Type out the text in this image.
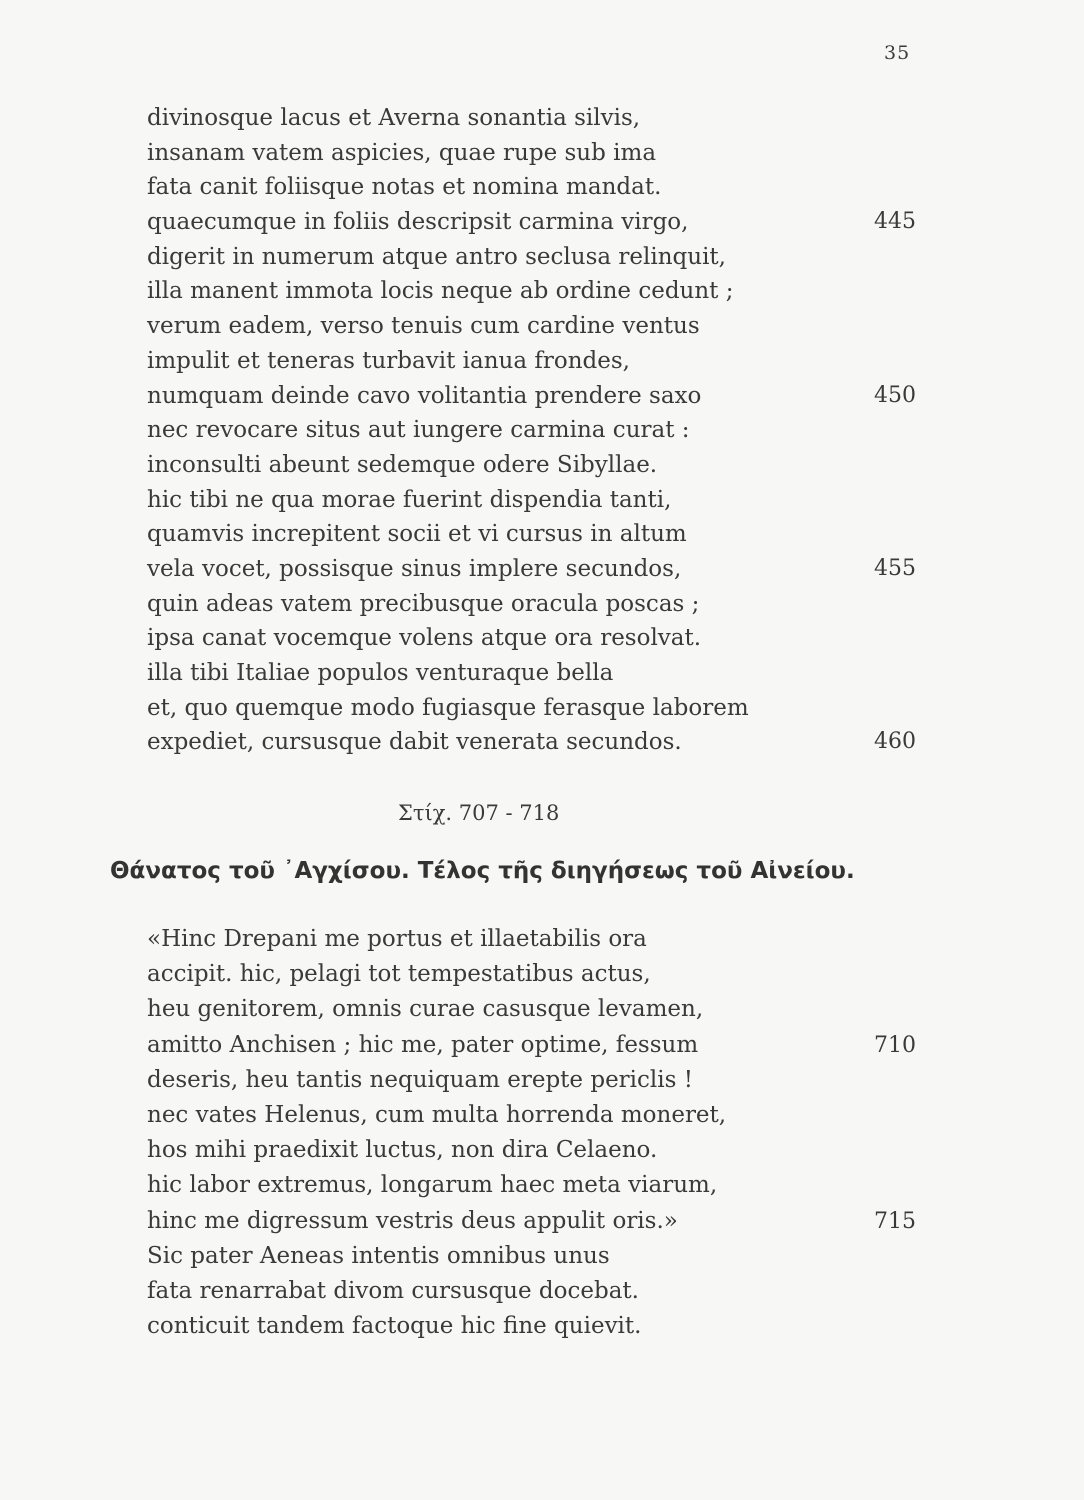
35
divinosque lacus et Averna sonantia silvis,
insanam vatem aspicies, quae rupe sub ima
fata canit foliisque notas et nomina mandat.
quaecumque in foliis descripsit carmina virgo,	445
digerit in numerum atque antro seclusa relinquit,
illa manent immota locis neque ab ordine cedunt ;
verum eadem, verso tenuis cum cardine ventus
impulit et teneras turbavit ianua frondes,
numquam deinde cavo volitantia prendere saxo	450
nec revocare situs aut iungere carmina curat :
inconsulti abeunt sedemque odere Sibyllae.
hic tibi ne qua morae fuerint dispendia tanti,
quamvis increpitent socii et vi cursus in altum
vela vocet, possisque sinus implere secundos,	455
quin adeas vatem precibusque oracula poscas ;
ipsa canat vocemque volens atque ora resolvat.
illa tibi Italiae populos venturaque bella
et, quo quemque modo fugiasque ferasque laborem
expediet, cursusque dabit venerata secundos.	460
Στίχ. 707 - 718
Θάνατος τοῦ ᾿Αγχίσου. Τέλος τῆς διηγήσεως τοῦ Αἰνείου.
«Hinc Drepani me portus et illaetabilis ora
accipit. hic, pelagi tot tempestatibus actus,
heu genitorem, omnis curae casusque levamen,
amitto Anchisen ; hic me, pater optime, fessum	710
deseris, heu tantis nequiquam erepte periclis !
nec vates Helenus, cum multa horrenda moneret,
hos mihi praedixit luctus, non dira Celaeno.
hic labor extremus, longarum haec meta viarum,
hinc me digressum vestris deus appulit oris.»	715
Sic pater Aeneas intentis omnibus unus
fata renarrabat divom cursusque docebat.
conticuit tandem factoque hic fine quievit.
